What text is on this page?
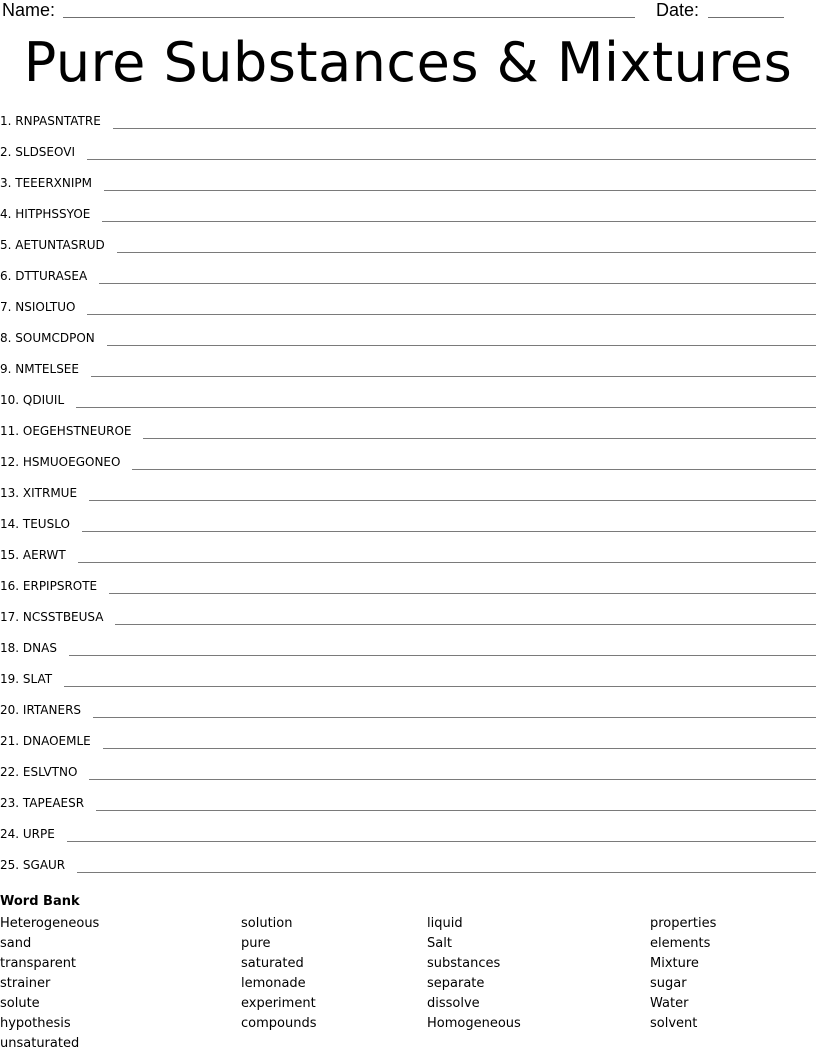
Name:	Date:
Pure Substances & Mixtures
1. RNPASNTATRE
2. SLDSEOVI
3. TEEERXNIPM
4. HITPHSSYOE
5. AETUNTASRUD
6. DTTURASEA
7. NSIOLTUO
8. SOUMCDPON
9. NMTELSEE
10. QDIUIL
11. OEGEHSTNEUROE
12. HSMUOEGONEO
13. XITRMUE
14. TEUSLO
15. AERWT
16. ERPIPSROTE
17. NCSSTBEUSA
18. DNAS
19. SLAT
20. IRTANERS
21. DNAOEMLE
22. ESLVTNO
23. TAPEAESR
24. URPE
25. SGAUR
Word Bank
Heterogeneous
sand
transparent
strainer
solute
hypothesis
unsaturated
solution
pure
saturated
lemonade
experiment
compounds
liquid
Salt
substances
separate
dissolve
Homogeneous
properties
elements
Mixture
sugar
Water
solvent
